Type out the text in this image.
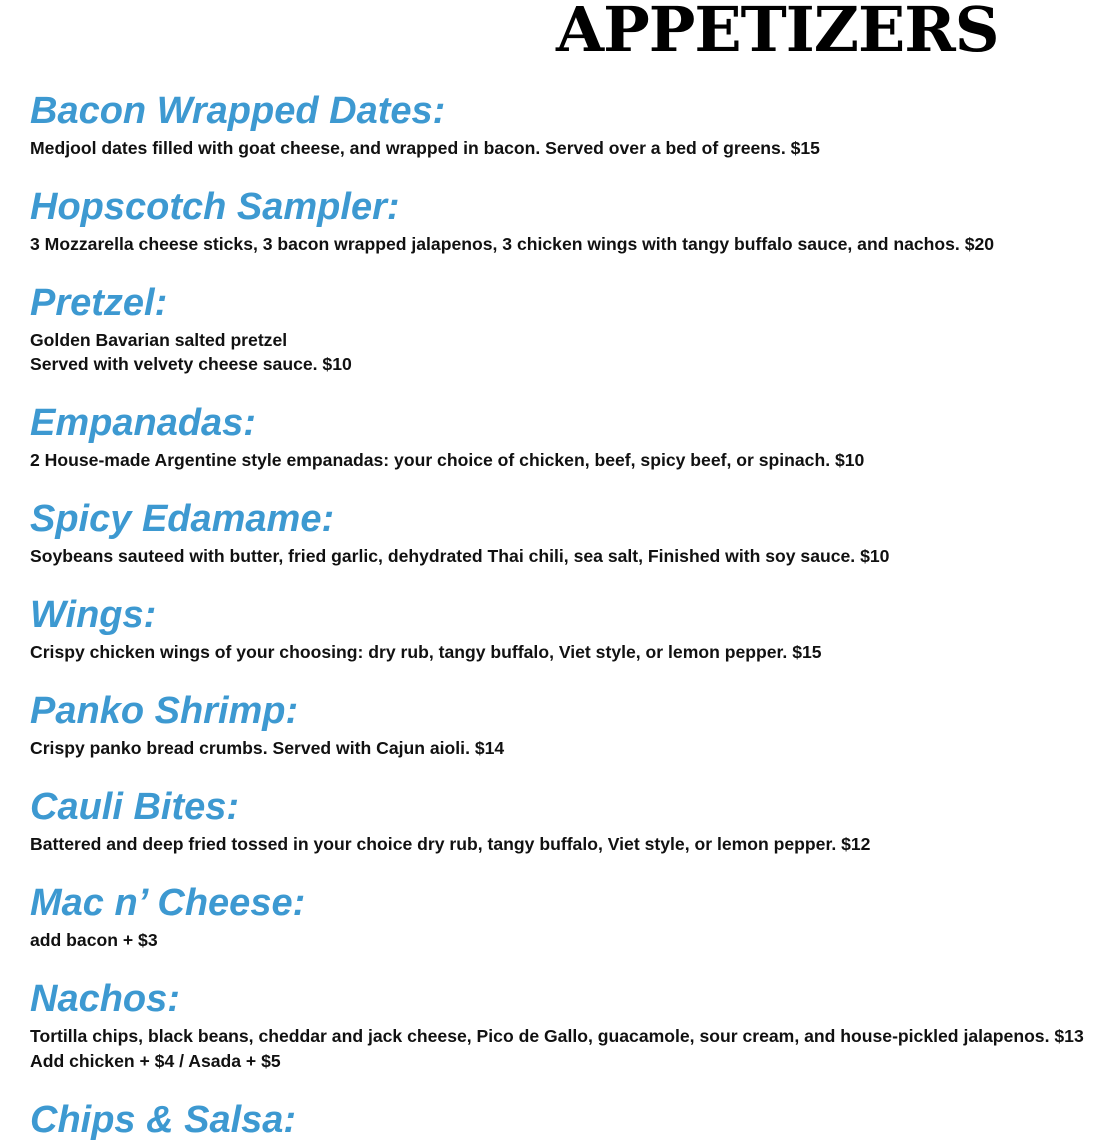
APPETIZERS
Bacon Wrapped Dates:

Medjool dates filled with goat cheese, and wrapped in bacon. Served over a bed of greens. $15

Hopscotch Sampler:

3 Mozzarella cheese sticks, 3 bacon wrapped jalapenos, 3 chicken wings with tangy buffalo sauce, and nachos. $20

Pretzel:

Golden Bavarian salted pretzel

Served with velvety cheese sauce. $10

Empanadas:

2 House-made Argentine style empanadas: your choice of chicken, beef, spicy beef, or spinach. $10

Spicy Edamame:

Soybeans sauteed with butter, fried garlic, dehydrated Thai chili, sea salt, Finished with soy sauce. $10

Wings:

Crispy chicken wings of your choosing: dry rub, tangy buffalo, Viet style, or lemon pepper. $15

Panko Shrimp:

Crispy panko bread crumbs. Served with Cajun aioli. $14

Cauli Bites:

Battered and deep fried tossed in your choice dry rub, tangy buffalo, Viet style, or lemon pepper. $12

Mac n’ Cheese:

add bacon + $3

Nachos:

Tortilla chips, black beans, cheddar and jack cheese, Pico de Gallo, guacamole, sour cream, and house-pickled jalapenos. $13

Add chicken + $4 / Asada + $5

Chips & Salsa:
